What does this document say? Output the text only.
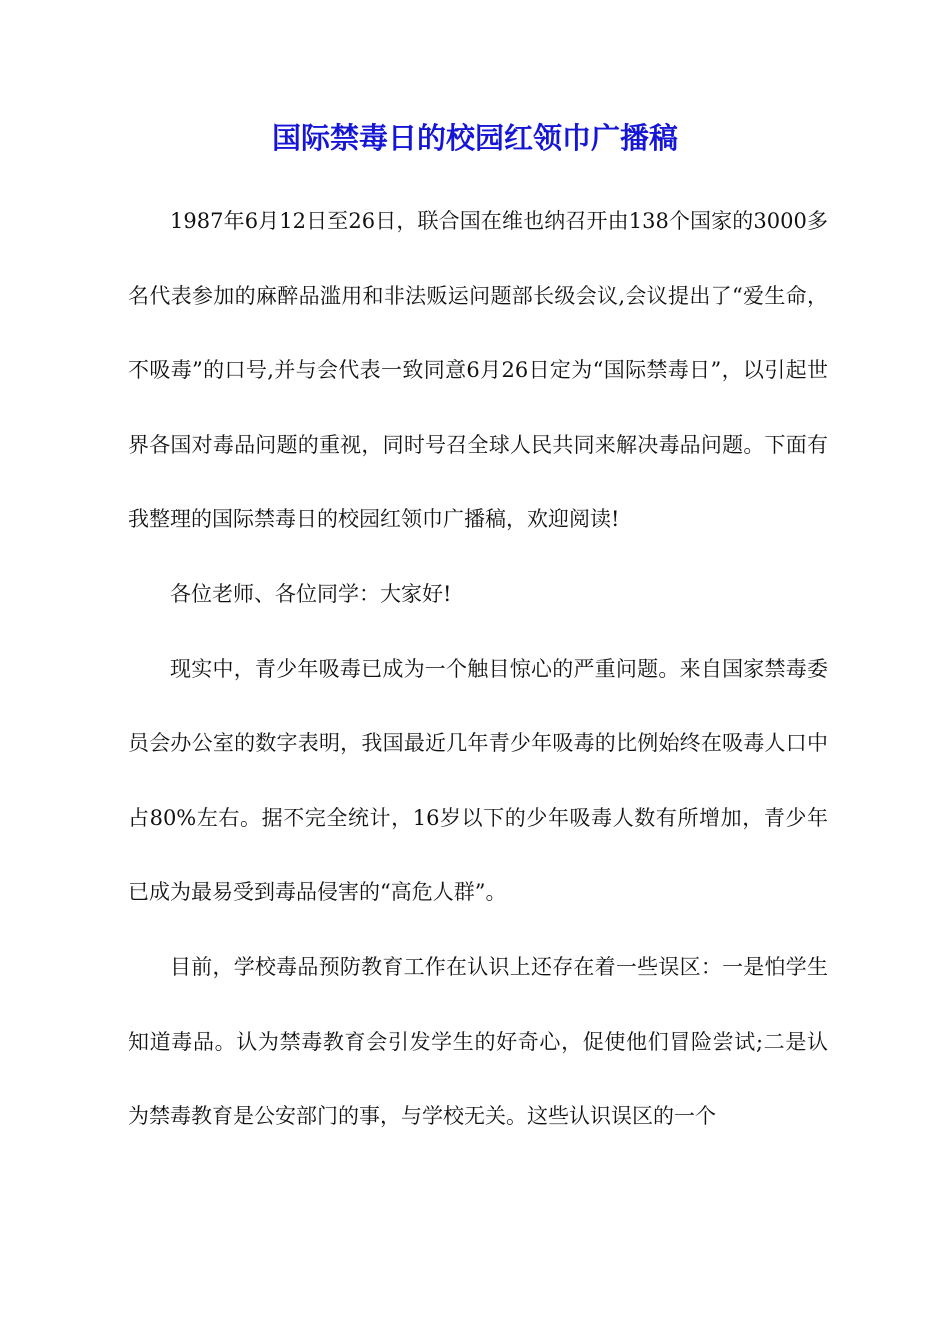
国际禁毒日的校园红领巾广播稿

1987年6月12日至26日，联合国在维也纳召开由138个国家的3000多名代表参加的麻醉品滥用和非法贩运问题部长级会议,会议提出了“爱生命，不吸毒”的口号,并与会代表一致同意6月26日定为“国际禁毒日”，以引起世界各国对毒品问题的重视，同时号召全球人民共同来解决毒品问题。下面有我整理的国际禁毒日的校园红领巾广播稿，欢迎阅读!

各位老师、各位同学：大家好!

现实中，青少年吸毒已成为一个触目惊心的严重问题。来自国家禁毒委员会办公室的数字表明，我国最近几年青少年吸毒的比例始终在吸毒人口中占80%左右。据不完全统计，16岁以下的少年吸毒人数有所增加，青少年已成为最易受到毒品侵害的“高危人群”。

目前，学校毒品预防教育工作在认识上还存在着一些误区：一是怕学生知道毒品。认为禁毒教育会引发学生的好奇心，促使他们冒险尝试;二是认为禁毒教育是公安部门的事，与学校无关。这些认识误区的一个
